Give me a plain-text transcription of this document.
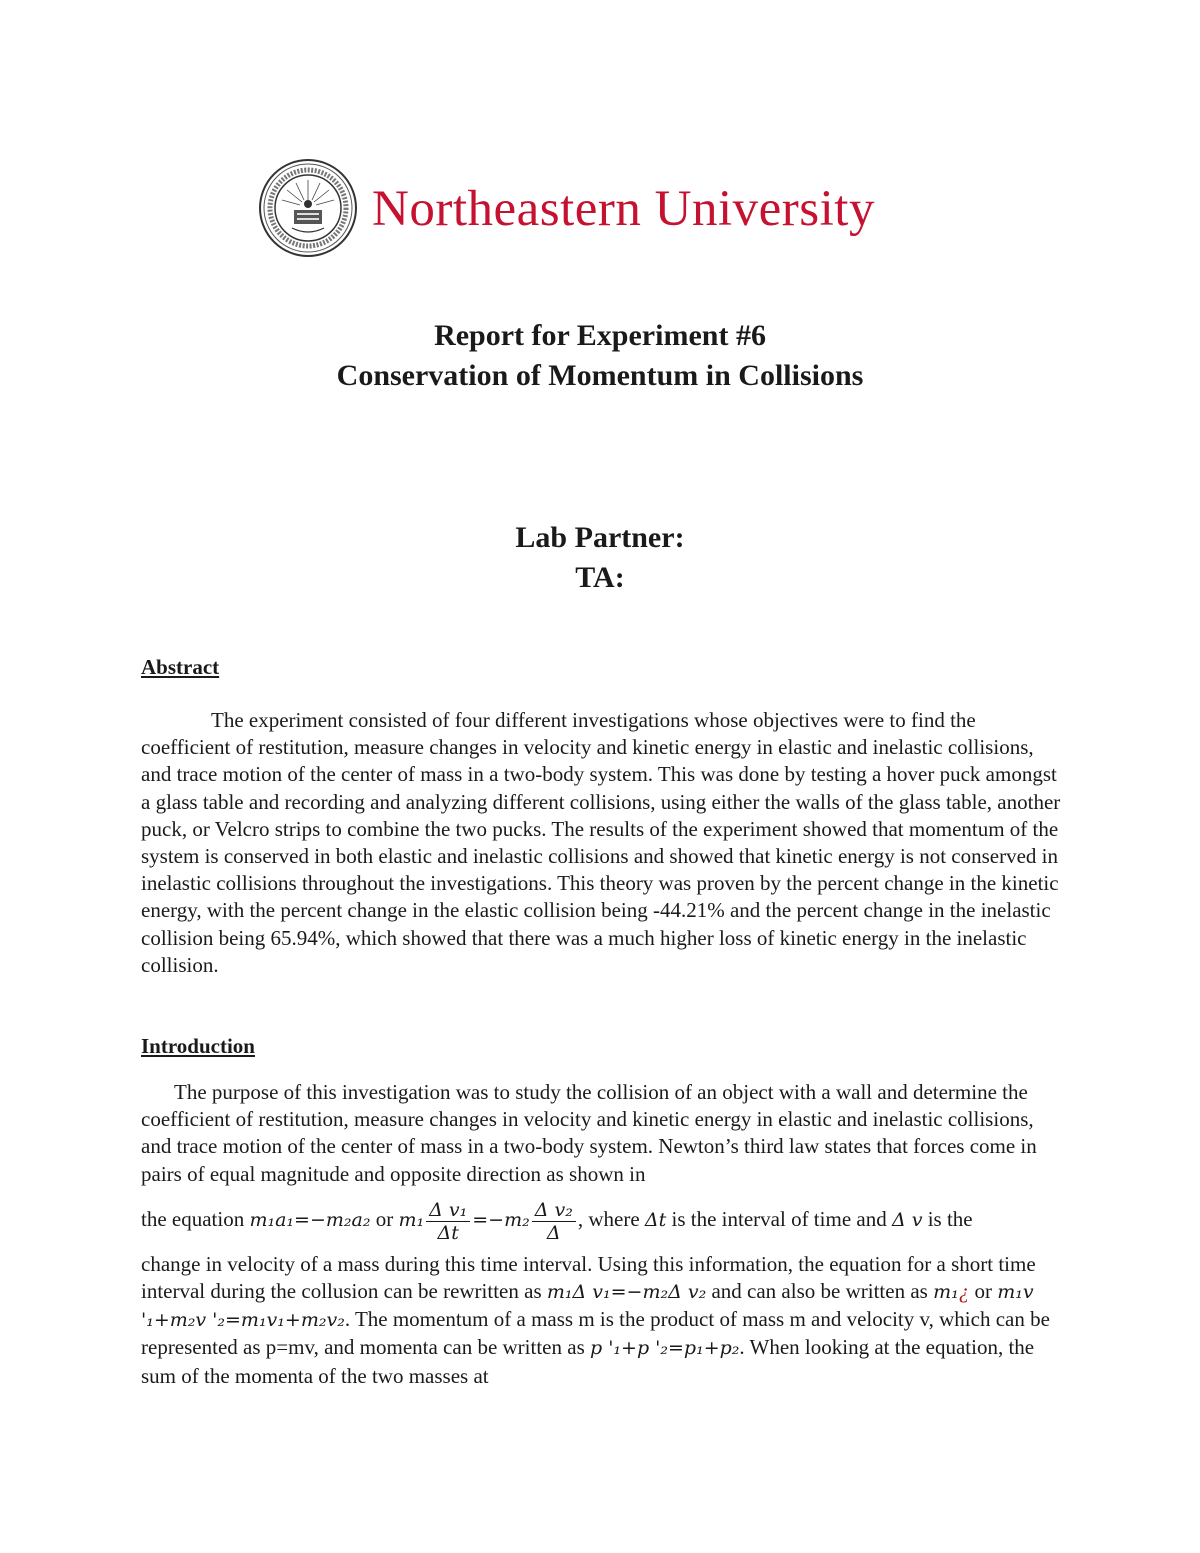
Northeastern University
Report for Experiment #6
Conservation of Momentum in Collisions
Lab Partner:
TA:
Abstract

The experiment consisted of four different investigations whose objectives were to find the coefficient of restitution, measure changes in velocity and kinetic energy in elastic and inelastic collisions, and trace motion of the center of mass in a two-body system. This was done by testing a hover puck amongst a glass table and recording and analyzing different collisions, using either the walls of the glass table, another puck, or Velcro strips to combine the two pucks. The results of the experiment showed that momentum of the system is conserved in both elastic and inelastic collisions and showed that kinetic energy is not conserved in inelastic collisions throughout the investigations. This theory was proven by the percent change in the kinetic energy, with the percent change in the elastic collision being -44.21% and the percent change in the inelastic collision being 65.94%, which showed that there was a much higher loss of kinetic energy in the inelastic collision.

Introduction
The purpose of this investigation was to study the collision of an object with a wall and determine the coefficient of restitution, measure changes in velocity and kinetic energy in elastic and inelastic collisions, and trace motion of the center of mass in a two-body system. Newton’s third law states that forces come in pairs of equal magnitude and opposite direction as shown in
the equation m₁a₁=−m₂a₂ or $m_1 \frac{\text{Δ v₁}}{\Delta t} =-m_2 \frac{\text{Δ v₂}}{\Delta}$ , where Δt is the interval of time and Δ v is the
change in velocity of a mass during this time interval. Using this information, the equation for a short time interval during the collusion can be rewritten as m₁Δ v₁=−m₂Δ v₂ and can also be written as m₁¿ or m₁v '₁+m₂v '₂=m₁v₁+m₂v₂. The momentum of a mass m is the product of mass m and velocity v, which can be represented as p=mv, and momenta can be written as p '₁+p '₂=p₁+p₂. When looking at the equation, the sum of the momenta of the two masses at
